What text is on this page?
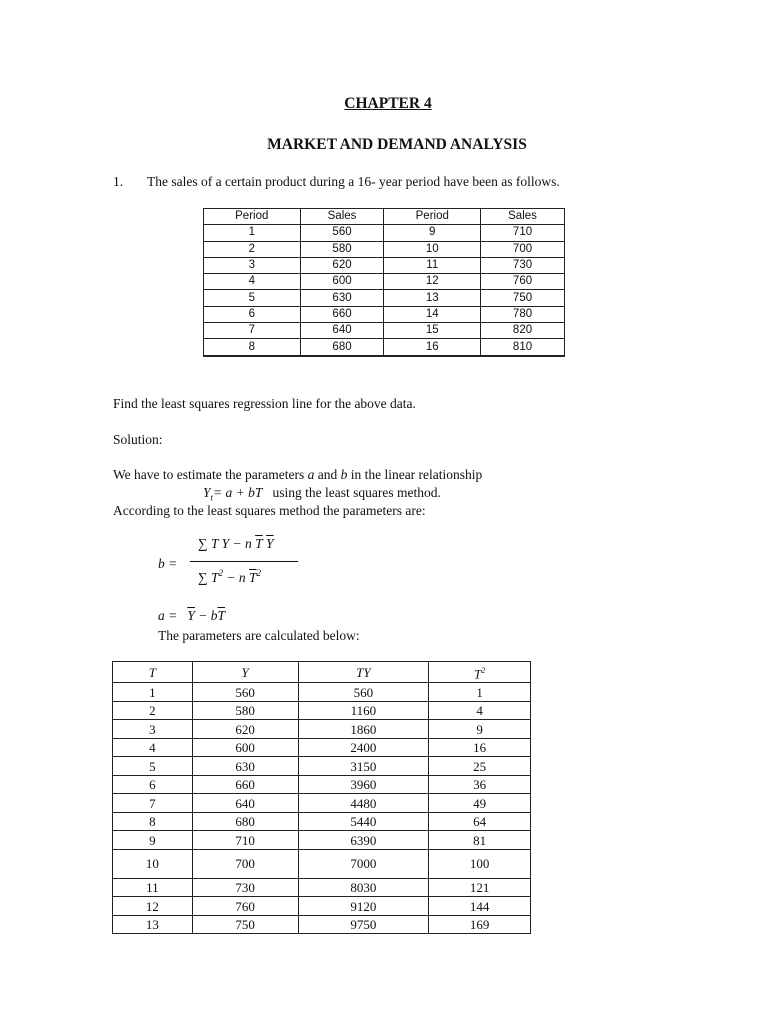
CHAPTER 4
MARKET AND DEMAND ANALYSIS
1. The sales of a certain product during a 16- year period have been as follows.
Period	Sales	Period	Sales
1	560	9	710
2	580	10	700
3	620	11	730
4	600	12	760
5	630	13	750
6	660	14	780
7	640	15	820
8	680	16	810
Find the least squares regression line for the above data.
Solution:
We have to estimate the parameters a and b in the linear relationship
$Y_t= a$ + bT using the least squares method.
According to the least squares method the parameters are:
b =
∑ T Y − n $\overline{T}$ $\overline{Y}$
∑ $T^2 - n$ $\overline{T}^2$
$a = \overline{Y} - b\overline{T}$
The parameters are calculated below:
T	Y	TY	$T^2$
1	560	560	1
2	580	1160	4
3	620	1860	9
4	600	2400	16
5	630	3150	25
6	660	3960	36
7	640	4480	49
8	680	5440	64
9	710	6390	81
10	700	7000	100
11	730	8030	121
12	760	9120	144
13	750	9750	169
